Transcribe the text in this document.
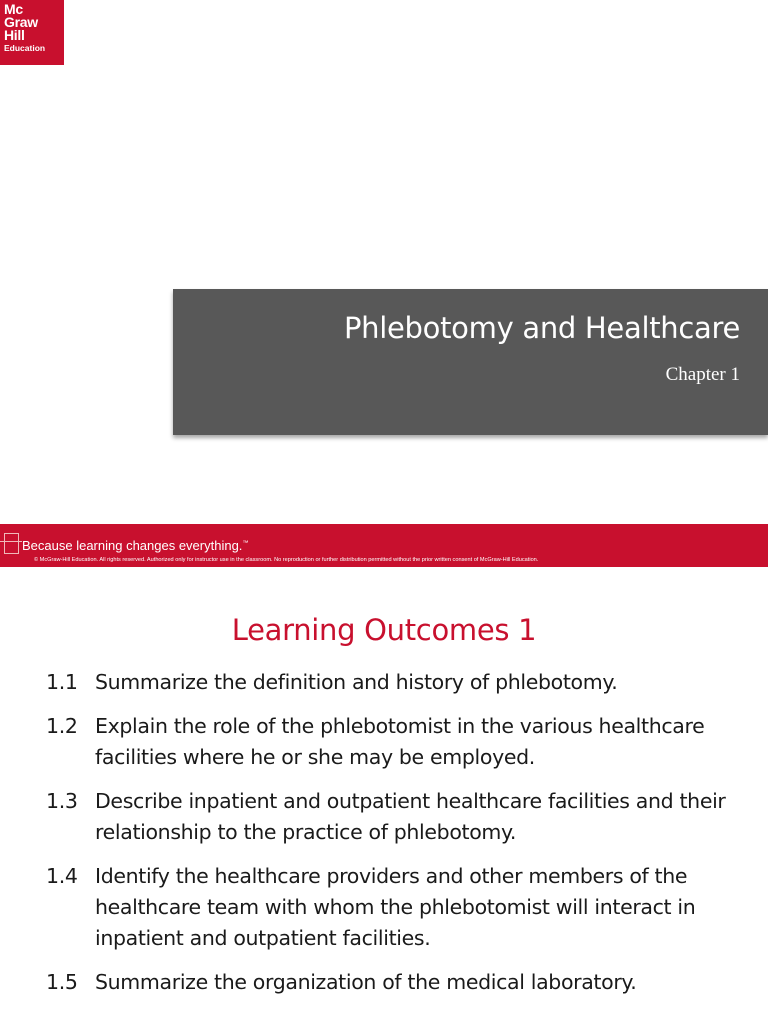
Mc
Graw
Hill
Education
Phlebotomy and Healthcare
Chapter 1
Because learning changes everything.™
© McGraw-Hill Education. All rights reserved. Authorized only for instructor use in the classroom. No reproduction or further distribution permitted without the prior written consent of McGraw-Hill Education.
Learning Outcomes 1
1.1 Summarize the definition and history of phlebotomy.
1.2 Explain the role of the phlebotomist in the various healthcare facilities where he or she may be employed.
1.3 Describe inpatient and outpatient healthcare facilities and their relationship to the practice of phlebotomy.
1.4 Identify the healthcare providers and other members of the healthcare team with whom the phlebotomist will interact in inpatient and outpatient facilities.
1.5 Summarize the organization of the medical laboratory.
